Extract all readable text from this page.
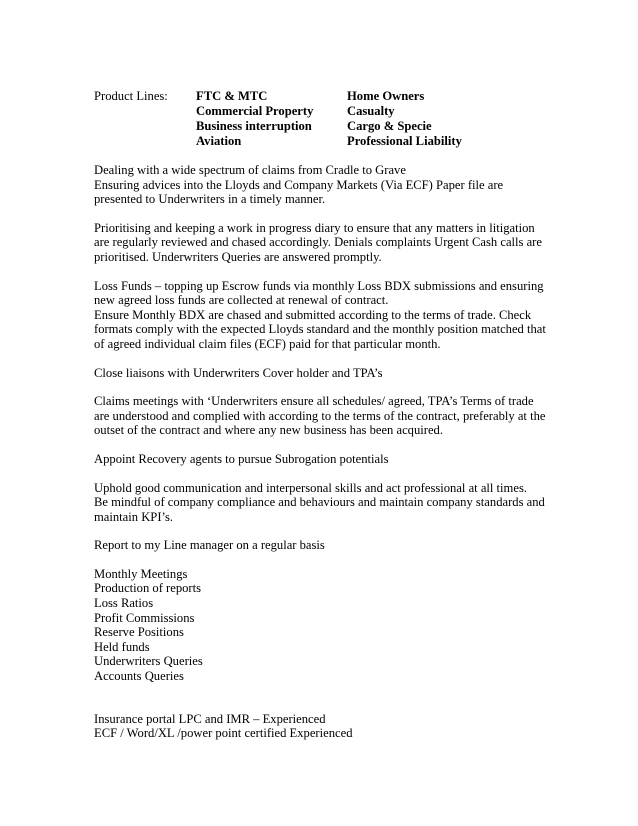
Product Lines: FTC & MTC
Commercial Property
Business interruption
Aviation
Home Owners
Casualty
Cargo & Specie
Professional Liability

Dealing with a wide spectrum of claims from Cradle to Grave
Ensuring advices into the Lloyds and Company Markets (Via ECF) Paper file are
presented to Underwriters in a timely manner.

Prioritising and keeping a work in progress diary to ensure that any matters in litigation
are regularly reviewed and chased accordingly. Denials complaints Urgent Cash calls are
prioritised. Underwriters Queries are answered promptly.

Loss Funds – topping up Escrow funds via monthly Loss BDX submissions and ensuring
new agreed loss funds are collected at renewal of contract.
Ensure Monthly BDX are chased and submitted according to the terms of trade. Check
formats comply with the expected Lloyds standard and the monthly position matched that
of agreed individual claim files (ECF) paid for that particular month.

Close liaisons with Underwriters Cover holder and TPA’s

Claims meetings with ‘Underwriters ensure all schedules/ agreed, TPA’s Terms of trade
are understood and complied with according to the terms of the contract, preferably at the
outset of the contract and where any new business has been acquired.

Appoint Recovery agents to pursue Subrogation potentials

Uphold good communication and interpersonal skills and act professional at all times.
Be mindful of company compliance and behaviours and maintain company standards and
maintain KPI’s.

Report to my Line manager on a regular basis

Monthly Meetings
Production of reports
Loss Ratios
Profit Commissions
Reserve Positions
Held funds
Underwriters Queries
Accounts Queries
Insurance portal LPC and IMR – Experienced
ECF / Word/XL /power point certified Experienced
